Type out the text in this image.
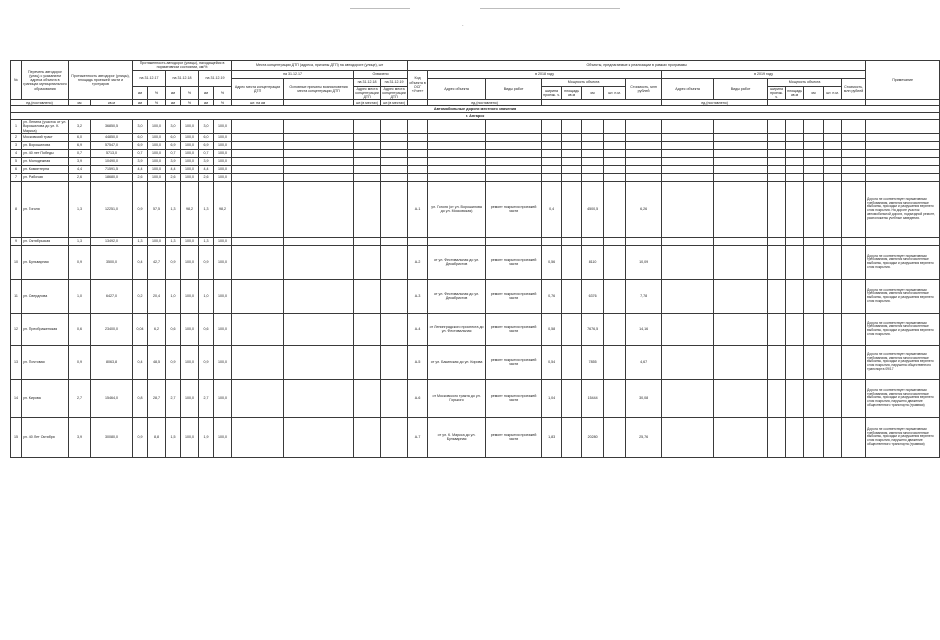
.
№	Перечень автодорог (улиц) с указанием адреса объекта в границах муниципального образования	Протяженность автодорог (улицы), площадь проезжей части и тротуаров		Протяженность автодорог (улицы), находящейся в нормативном состоянии, км/%						Места концентрации ДТП (адреса, причины ДТП) на автодороге (улице), шт				Объекты, предлагаемые к реализации в рамках программы															Примечание
				на 31.12.17		на 31.12.18		на 31.12.19		на 31.12.17		Охвачено		Код объекта в ОСГ «Учет»	в 2018 году							в 2019 году							
										Адрес места концентрации ДТП	Основные причины возникновения места концентрации ДТП	на 31.12.18	на 31.12.19		Адрес объекта	Виды работ	Мощность объекта				Стоимость, млн рублей	Адрес объекта	Виды работ	Мощность объекта				Стоимость, млн рублей	
				км	%	км	%	км	%			Адрес места концентрации ДТП	Адрес места концентрации ДТП				ширина проезж. ч.	площадь кв.м	км	шт. п.м.				ширина проезж. ч.	площадь кв.м	км	шт. п.м.		
ед.(поставлено)		км	кв.м	км	%	км	%	км	%	шт. на км		шт.(в местах)	шт.(в местах)		ед.(поставлено)							ед.(поставлено)							
Автомобильные дороги местного значения																													
г. Ангарск																													
1	ул. Ленина (участок от ул. Ворошилова до ул. К. Маркса)	3,2	36850,5	3,0	100,0	3,0	100,0	3,0	100,0																				
2	Московский тракт	6,0	44850,0	6,0	100,0	6,0	100,0	6,0	100,0																				
3	ул. Ворошилова	6,9	57547,0	6,9	100,0	6,9	100,0	6,9	100,0																				
4	ул. 40 лет Победы	0,7	5713,0	0,7	100,0	0,7	100,0	0,7	100,0																				
5	ул. Молодежная	3,9	10490,0	3,9	100,0	3,9	100,0	3,9	100,0																				
6	ул. Коминтерна	4,4	71591,5	4,4	100,0	4,4	100,0	4,4	100,0																				
7	ул. Рабочая	2,6	18680,0	2,6	100,0	2,6	100,0	2,6	100,0																				
8	ул. Гоголя	1,3	12251,0	0,9	57,5	1,3	98,2	1,3	98,2					А-1	ул. Гоголя (от ул. Ворошилова до ул. Московская)	ремонт покрытия проезжей части	0,4		4500,5		6,26								Дорога не соответствует нормативным требованиям, имеются многочисленные выбоины, просадки и разрушения верхнего слоя покрытия. На дороге участок автомобильной дороги, подъездной ремонт, расположены учебные заведения.
9	ул. Октябрьская	1,3	13492,0	1,3	100,0	1,3	100,0	1,3	100,0																				
10	ул. Бульварная	0,9	3500,0	0,4	42,7	0,9	100,0	0,9	100,0					А-2	от ул. Фестивальная до ул. Декабристов	ремонт покрытия проезжей части	0,56		8110		10,09								Дорога не соответствует нормативным требованиям, имеются многочисленные выбоины, просадки и разрушения верхнего слоя покрытия.
11	ул. Свердлова	1,0	6427,0	0,2	20,4	1,0	100,0	1,0	100,0					А-3	от ул. Фестивальная до ул. Декабристов	ремонт покрытия проезжей части	0,76		6376		7,78								Дорога не соответствует нормативным требованиям, имеются многочисленные выбоины, просадки и разрушения верхнего слоя покрытия.
12	ул. Преображенская	0,6	23400,0	0,04	6,2	0,6	100,0	0,6	100,0					А-4	от Ленинградского проспекта до ул. Фестивальная	ремонт покрытия проезжей части	0,58		7676,5		14,16								Дорога не соответствует нормативным требованиям, имеются многочисленные выбоины, просадки и разрушения верхнего слоя покрытия.
13	ул. Почтовая	0,9	8063,8	0,4	48,5	0,9	100,0	0,9	100,0					А-5	от ул. Бакинская до ул. Кирова	ремонт покрытия проезжей части	0,54		7855		4,67								Дорога не соответствует нормативным требованиям, имеются многочисленные выбоины, просадки и разрушения верхнего слоя покрытия, нарушена общественного транспорта 09/17
14	ул. Кирова	2,7	15464,0	0,8	28,7	2,7	100,0	2,7	100,0					А-6	от Московского тракта до ул. Горького	ремонт покрытия проезжей части	1,04		15444		30,08								Дорога не соответствует нормативным требованиям, имеются многочисленные выбоины, просадки и разрушения верхнего слоя покрытия, нарушено движение общественного транспорта (трамвая)
15	ул. 40 Лет Октября	3,9	30080,0	0,9	8,8	1,5	100,0	1,9	100,0					А-7	от ул. К. Маркса до ул. Бульварная	ремонт покрытия проезжей части	1,83		20280		25,76								Дорога не соответствует нормативным требованиям, имеются многочисленные выбоины, просадки и разрушения верхнего слоя покрытия, нарушено движение общественного транспорта (трамвая)
